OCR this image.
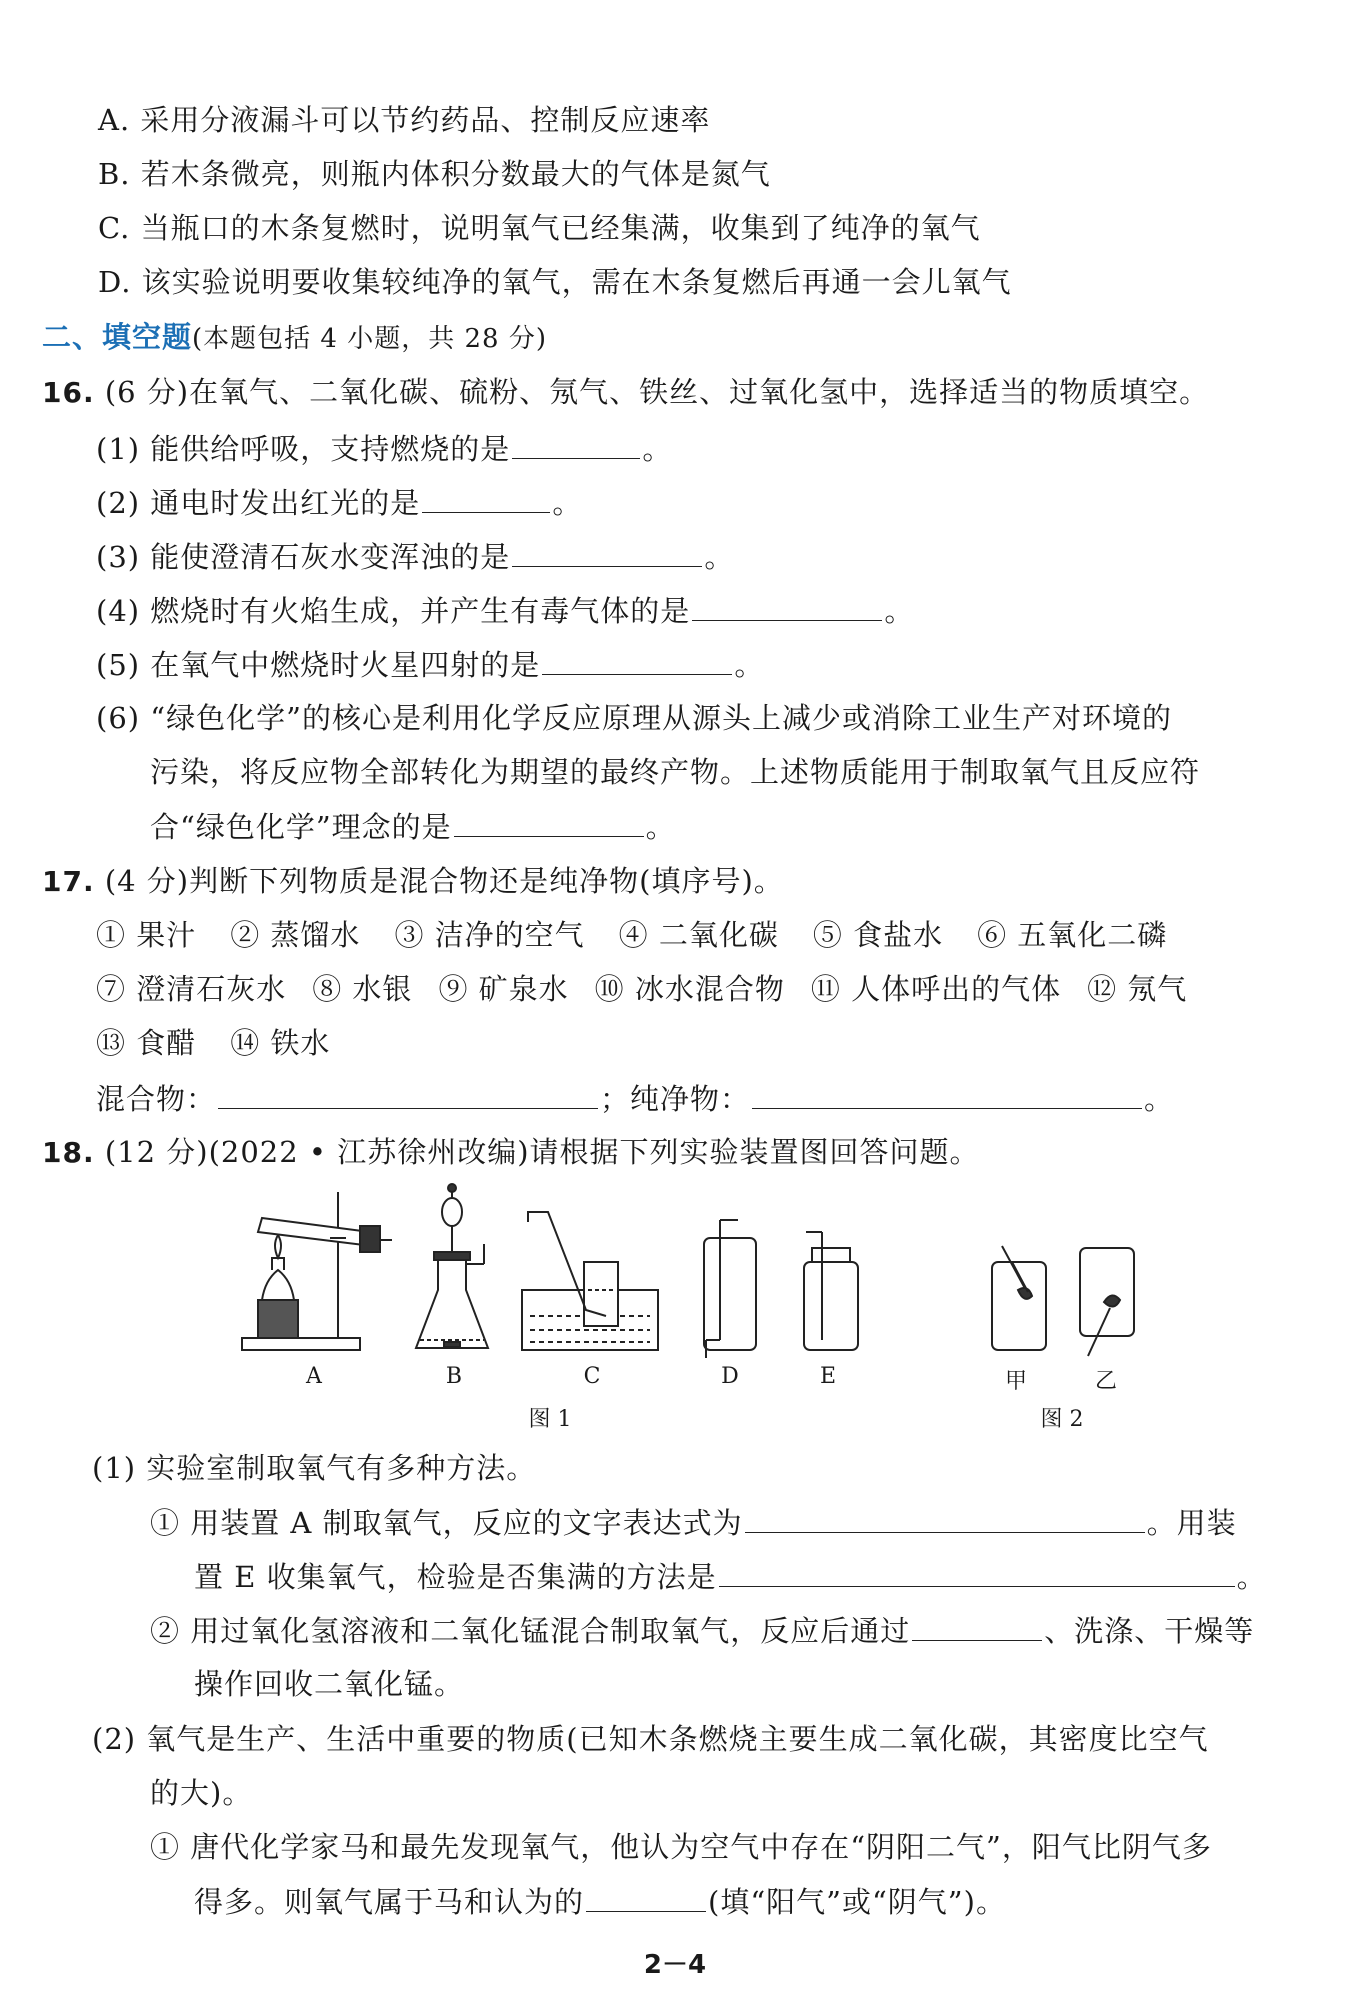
A. 采用分液漏斗可以节约药品、控制反应速率
B. 若木条微亮，则瓶内体积分数最大的气体是氮气
C. 当瓶口的木条复燃时，说明氧气已经集满，收集到了纯净的氧气
D. 该实验说明要收集较纯净的氧气，需在木条复燃后再通一会儿氧气
二、填空题(本题包括 4 小题，共 28 分)
16. (6 分)在氧气、二氧化碳、硫粉、氖气、铁丝、过氧化氢中，选择适当的物质填空。
(1) 能供给呼吸，支持燃烧的是	。
(2) 通电时发出红光的是	。
(3) 能使澄清石灰水变浑浊的是	。
(4) 燃烧时有火焰生成，并产生有毒气体的是	。
(5) 在氧气中燃烧时火星四射的是	。
(6) “绿色化学”的核心是利用化学反应原理从源头上减少或消除工业生产对环境的
污染，将反应物全部转化为期望的最终产物。上述物质能用于制取氧气且反应符
合“绿色化学”理念的是	。
17. (4 分)判断下列物质是混合物还是纯净物(填序号)。
① 果汁 ② 蒸馏水 ③ 洁净的空气 ④ 二氧化碳 ⑤ 食盐水 ⑥ 五氧化二磷
⑦ 澄清石灰水 ⑧ 水银 ⑨ 矿泉水 ⑩ 冰水混合物 ⑪ 人体呼出的气体 ⑫ 氖气
⑬ 食醋 ⑭ 铁水
混合物：	；纯净物：	。
18. (12 分)(2022 • 江苏徐州改编)请根据下列实验装置图回答问题。
A	B	C	D	E	甲	乙
图 1	图 2
(1) 实验室制取氧气有多种方法。
① 用装置 A 制取氧气，反应的文字表达式为	。用装
置 E 收集氧气，检验是否集满的方法是	。
② 用过氧化氢溶液和二氧化锰混合制取氧气，反应后通过	、洗涤、干燥等
操作回收二氧化锰。
(2) 氧气是生产、生活中重要的物质(已知木条燃烧主要生成二氧化碳，其密度比空气
的大)。
① 唐代化学家马和最先发现氧气，他认为空气中存在“阴阳二气”，阳气比阴气多
得多。则氧气属于马和认为的	(填“阳气”或“阴气”)。
2－4
